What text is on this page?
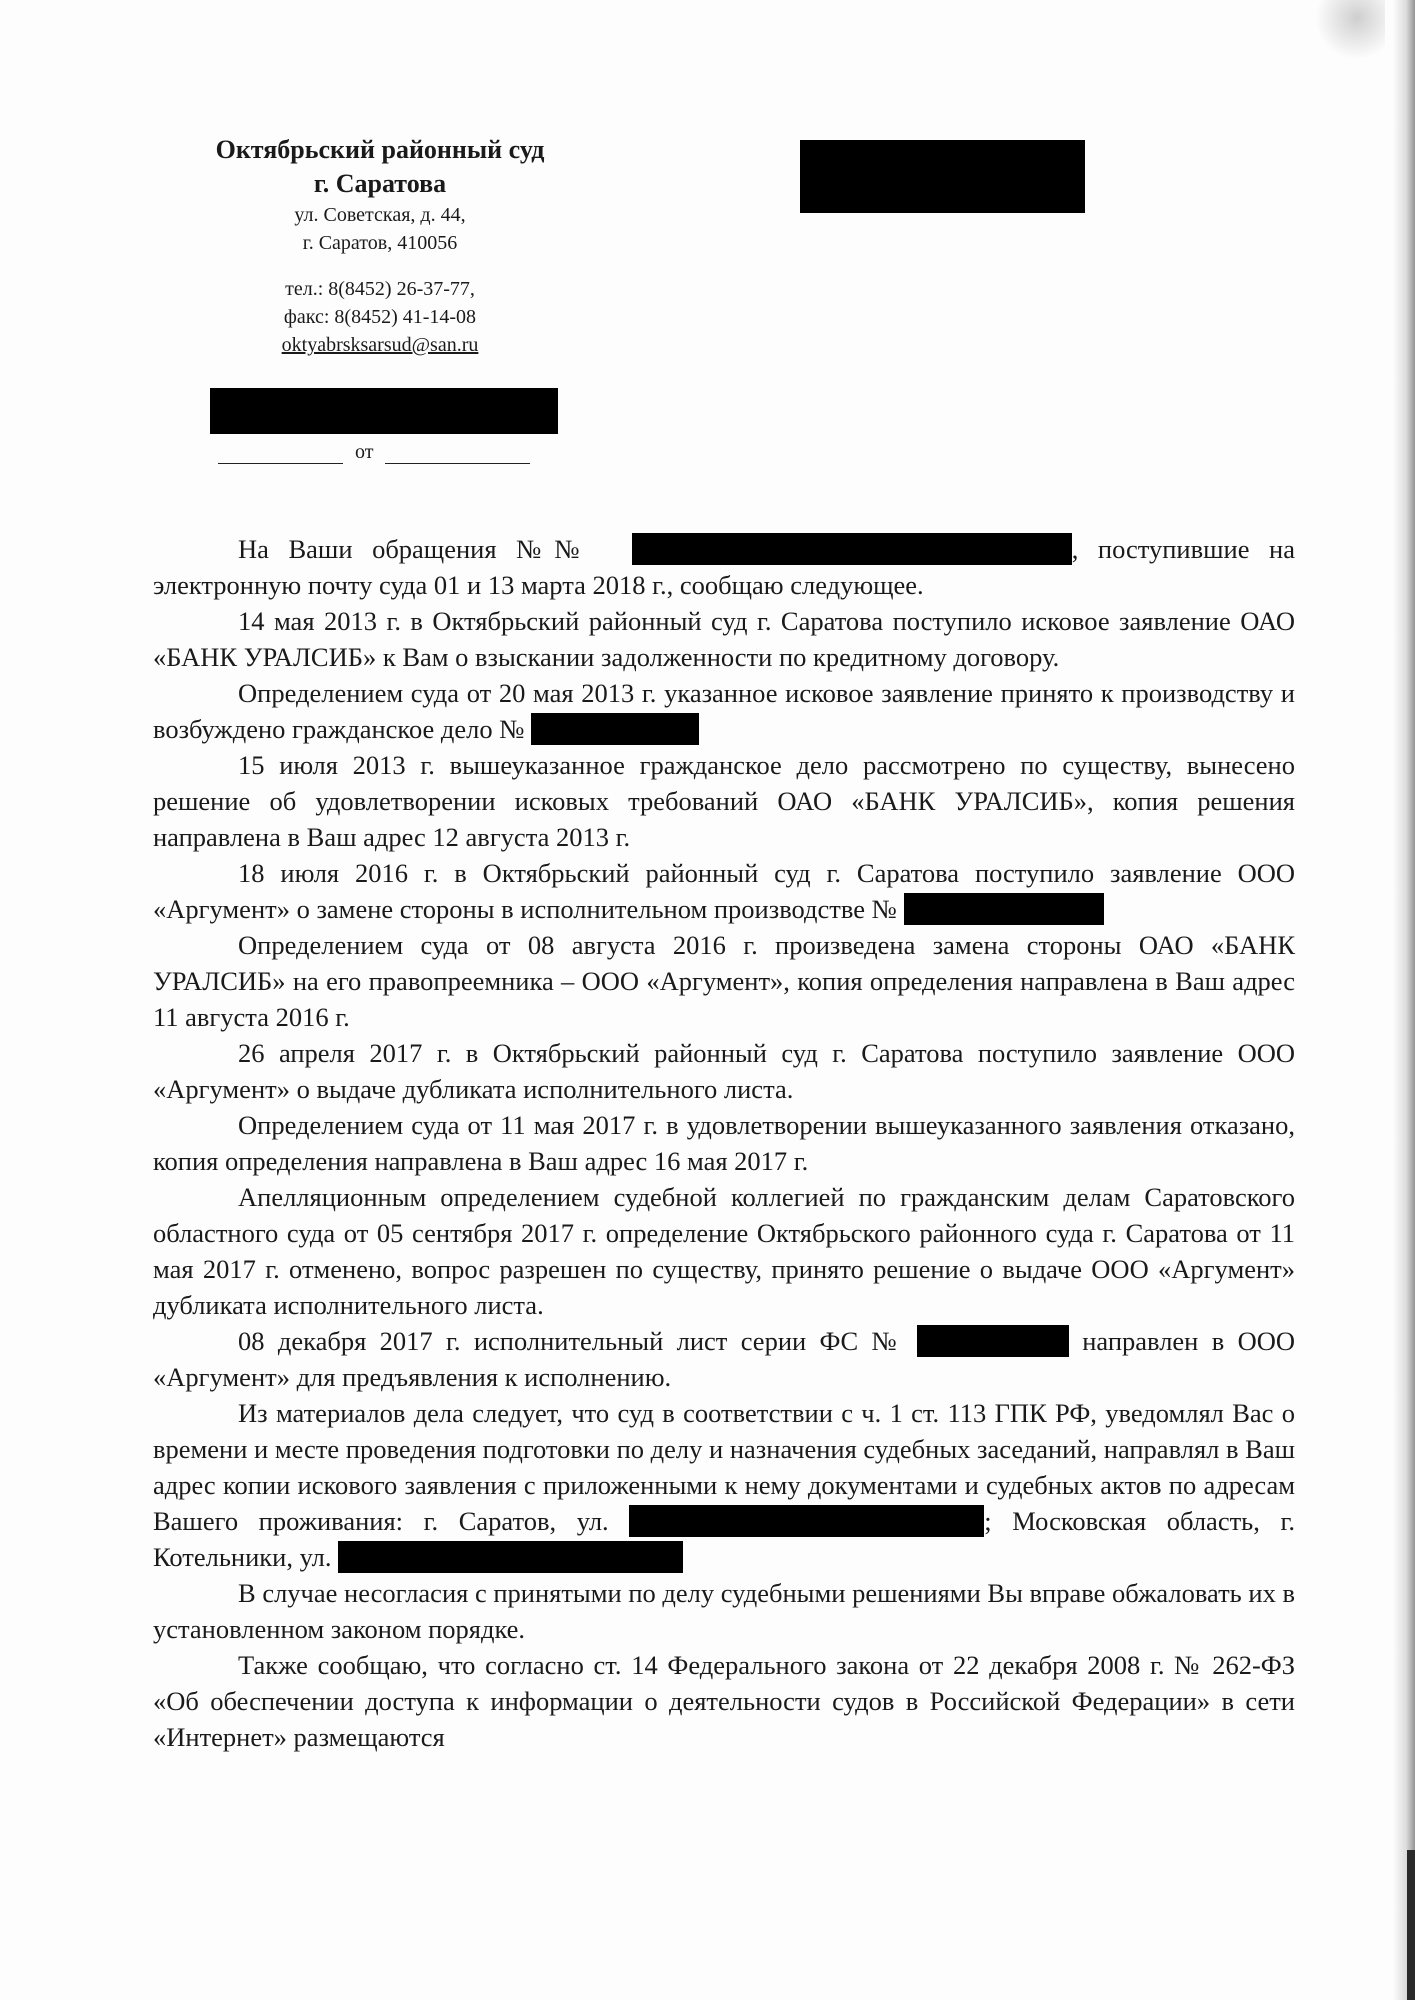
Октябрьский районный суд

г. Саратова

ул. Советская, д. 44,

г. Саратов, 410056

тел.: 8(8452) 26-37-77,

факс: 8(8452) 41-14-08

oktyabrsksarsud@san.ru

от

На Ваши обращения №№	, поступившие на электронную почту суда 01 и 13 марта 2018 г., сообщаю следующее.

14 мая 2013 г. в Октябрьский районный суд г. Саратова поступило исковое заявление ОАО «БАНК УРАЛСИБ» к Вам о взыскании задолженности по кредитному договору.

Определением суда от 20 мая 2013 г. указанное исковое заявление принято к производству и возбуждено гражданское дело №

15 июля 2013 г. вышеуказанное гражданское дело рассмотрено по существу, вынесено решение об удовлетворении исковых требований ОАО «БАНК УРАЛСИБ», копия решения направлена в Ваш адрес 12 августа 2013 г.

18 июля 2016 г. в Октябрьский районный суд г. Саратова поступило заявление ООО «Аргумент» о замене стороны в исполнительном производстве №

Определением суда от 08 августа 2016 г. произведена замена стороны ОАО «БАНК УРАЛСИБ» на его правопреемника – ООО «Аргумент», копия определения направлена в Ваш адрес 11 августа 2016 г.

26 апреля 2017 г. в Октябрьский районный суд г. Саратова поступило заявление ООО «Аргумент» о выдаче дубликата исполнительного листа.

Определением суда от 11 мая 2017 г. в удовлетворении вышеуказанного заявления отказано, копия определения направлена в Ваш адрес 16 мая 2017 г.

Апелляционным определением судебной коллегией по гражданским делам Саратовского областного суда от 05 сентября 2017 г. определение Октябрьского районного суда г. Саратова от 11 мая 2017 г. отменено, вопрос разрешен по существу, принято решение о выдаче ООО «Аргумент» дубликата исполнительного листа.

08 декабря 2017 г. исполнительный лист серии ФС №	направлен в ООО «Аргумент» для предъявления к исполнению.

Из материалов дела следует, что суд в соответствии с ч. 1 ст. 113 ГПК РФ, уведомлял Вас о времени и месте проведения подготовки по делу и назначения судебных заседаний, направлял в Ваш адрес копии искового заявления с приложенными к нему документами и судебных актов по адресам Вашего проживания: г. Саратов, ул.	; Московская область, г. Котельники, ул.

В случае несогласия с принятыми по делу судебными решениями Вы вправе обжаловать их в установленном законом порядке.

Также сообщаю, что согласно ст. 14 Федерального закона от 22 декабря 2008 г. № 262-ФЗ «Об обеспечении доступа к информации о деятельности судов в Российской Федерации» в сети «Интернет» размещаются
